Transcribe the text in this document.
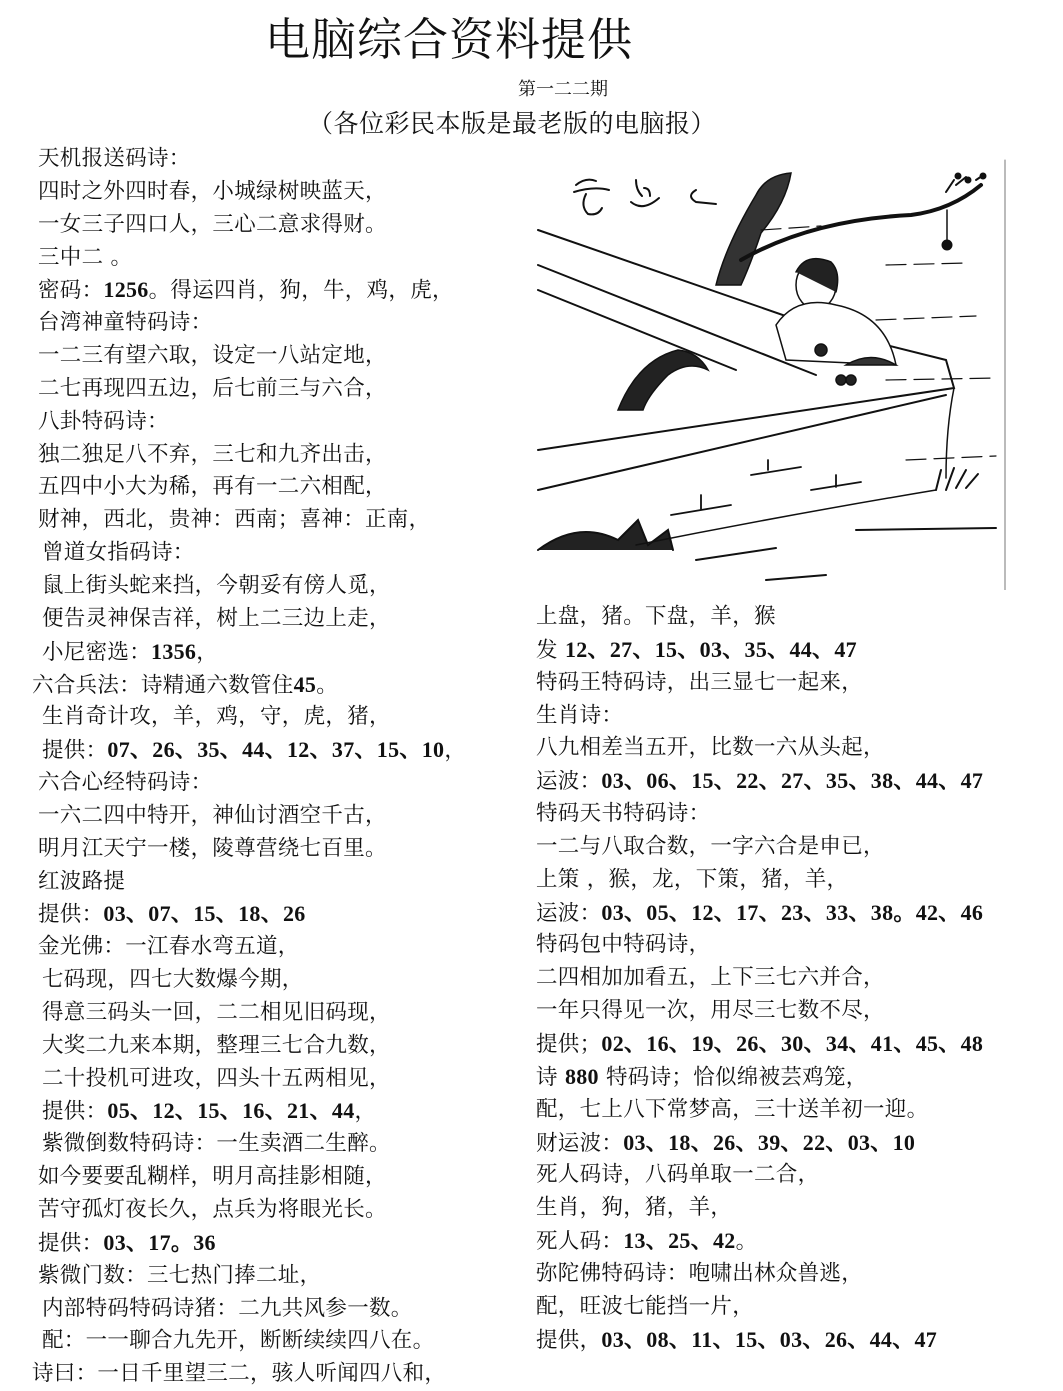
电脑综合资料提供
第一二二期
（各位彩民本版是最老版的电脑报）
天机报送码诗：
四时之外四时春，小城绿树映蓝天，
一女三子四口人，三心二意求得财。
三中二 。
密码：1256。得运四肖，狗，牛，鸡，虎，
台湾神童特码诗：
一二三有望六取，设定一八站定地，
二七再现四五边，后七前三与六合，
八卦特码诗：
独二独足八不弃，三七和九齐出击，
五四中小大为稀，再有一二六相配，
财神，西北，贵神：西南；喜神：正南，
曾道女指码诗：
鼠上街头蛇来挡，今朝妥有傍人觅，
便告灵神保吉祥，树上二三边上走，
小尼密选：1356，
六合兵法：诗精通六数管住45。
生肖奇计攻，羊，鸡，守，虎，猪，
提供：07、26、35、44、12、37、15、10，
六合心经特码诗：
一六二四中特开，神仙讨酒空千古，
明月江天宁一楼，陵尊营绕七百里。
红波路提
提供：03、07、15、18、26
金光佛：一江春水弯五道，
七码现，四七大数爆今期，
得意三码头一回，二二相见旧码现，
大奖二九来本期，整理三七合九数，
二十投机可进攻，四头十五两相见，
提供：05、12、15、16、21、44，
紫微倒数特码诗：一生卖酒二生醉。
如今要要乱糊样，明月高挂影相随，
苦守孤灯夜长久，点兵为将眼光长。
提供：03、17。36
紫微门数：三七热门捧二址，
内部特码特码诗猪：二九共风参一数。
配：一一聊合九先开，断断续续四八在。
诗曰：一日千里望三二，骇人听闻四八和，
上盘，猪。下盘，羊，猴
发 12、27、15、03、35、44、47
特码王特码诗，出三显七一起来，
生肖诗：
八九相差当五开，比数一六从头起，
运波：03、06、15、22、27、35、38、44、47
特码天书特码诗：
一二与八取合数，一字六合是申已，
上策 ，猴，龙，下策，猪，羊，
运波：03、05、12、17、23、33、38。42、46
特码包中特码诗，
二四相加加看五，上下三七六并合，
一年只得见一次，用尽三七数不尽，
提供；02、16、19、26、30、34、41、45、48
诗 880 特码诗；恰似绵被芸鸡笼，
配，七上八下常梦高，三十送羊初一迎。
财运波：03、18、26、39、22、03、10
死人码诗，八码单取一二合，
生肖，狗，猪，羊，
死人码：13、25、42。
弥陀佛特码诗：咆啸出林众兽逃，
配，旺波七能挡一片，
提供，03、08、11、15、03、26、44、47
